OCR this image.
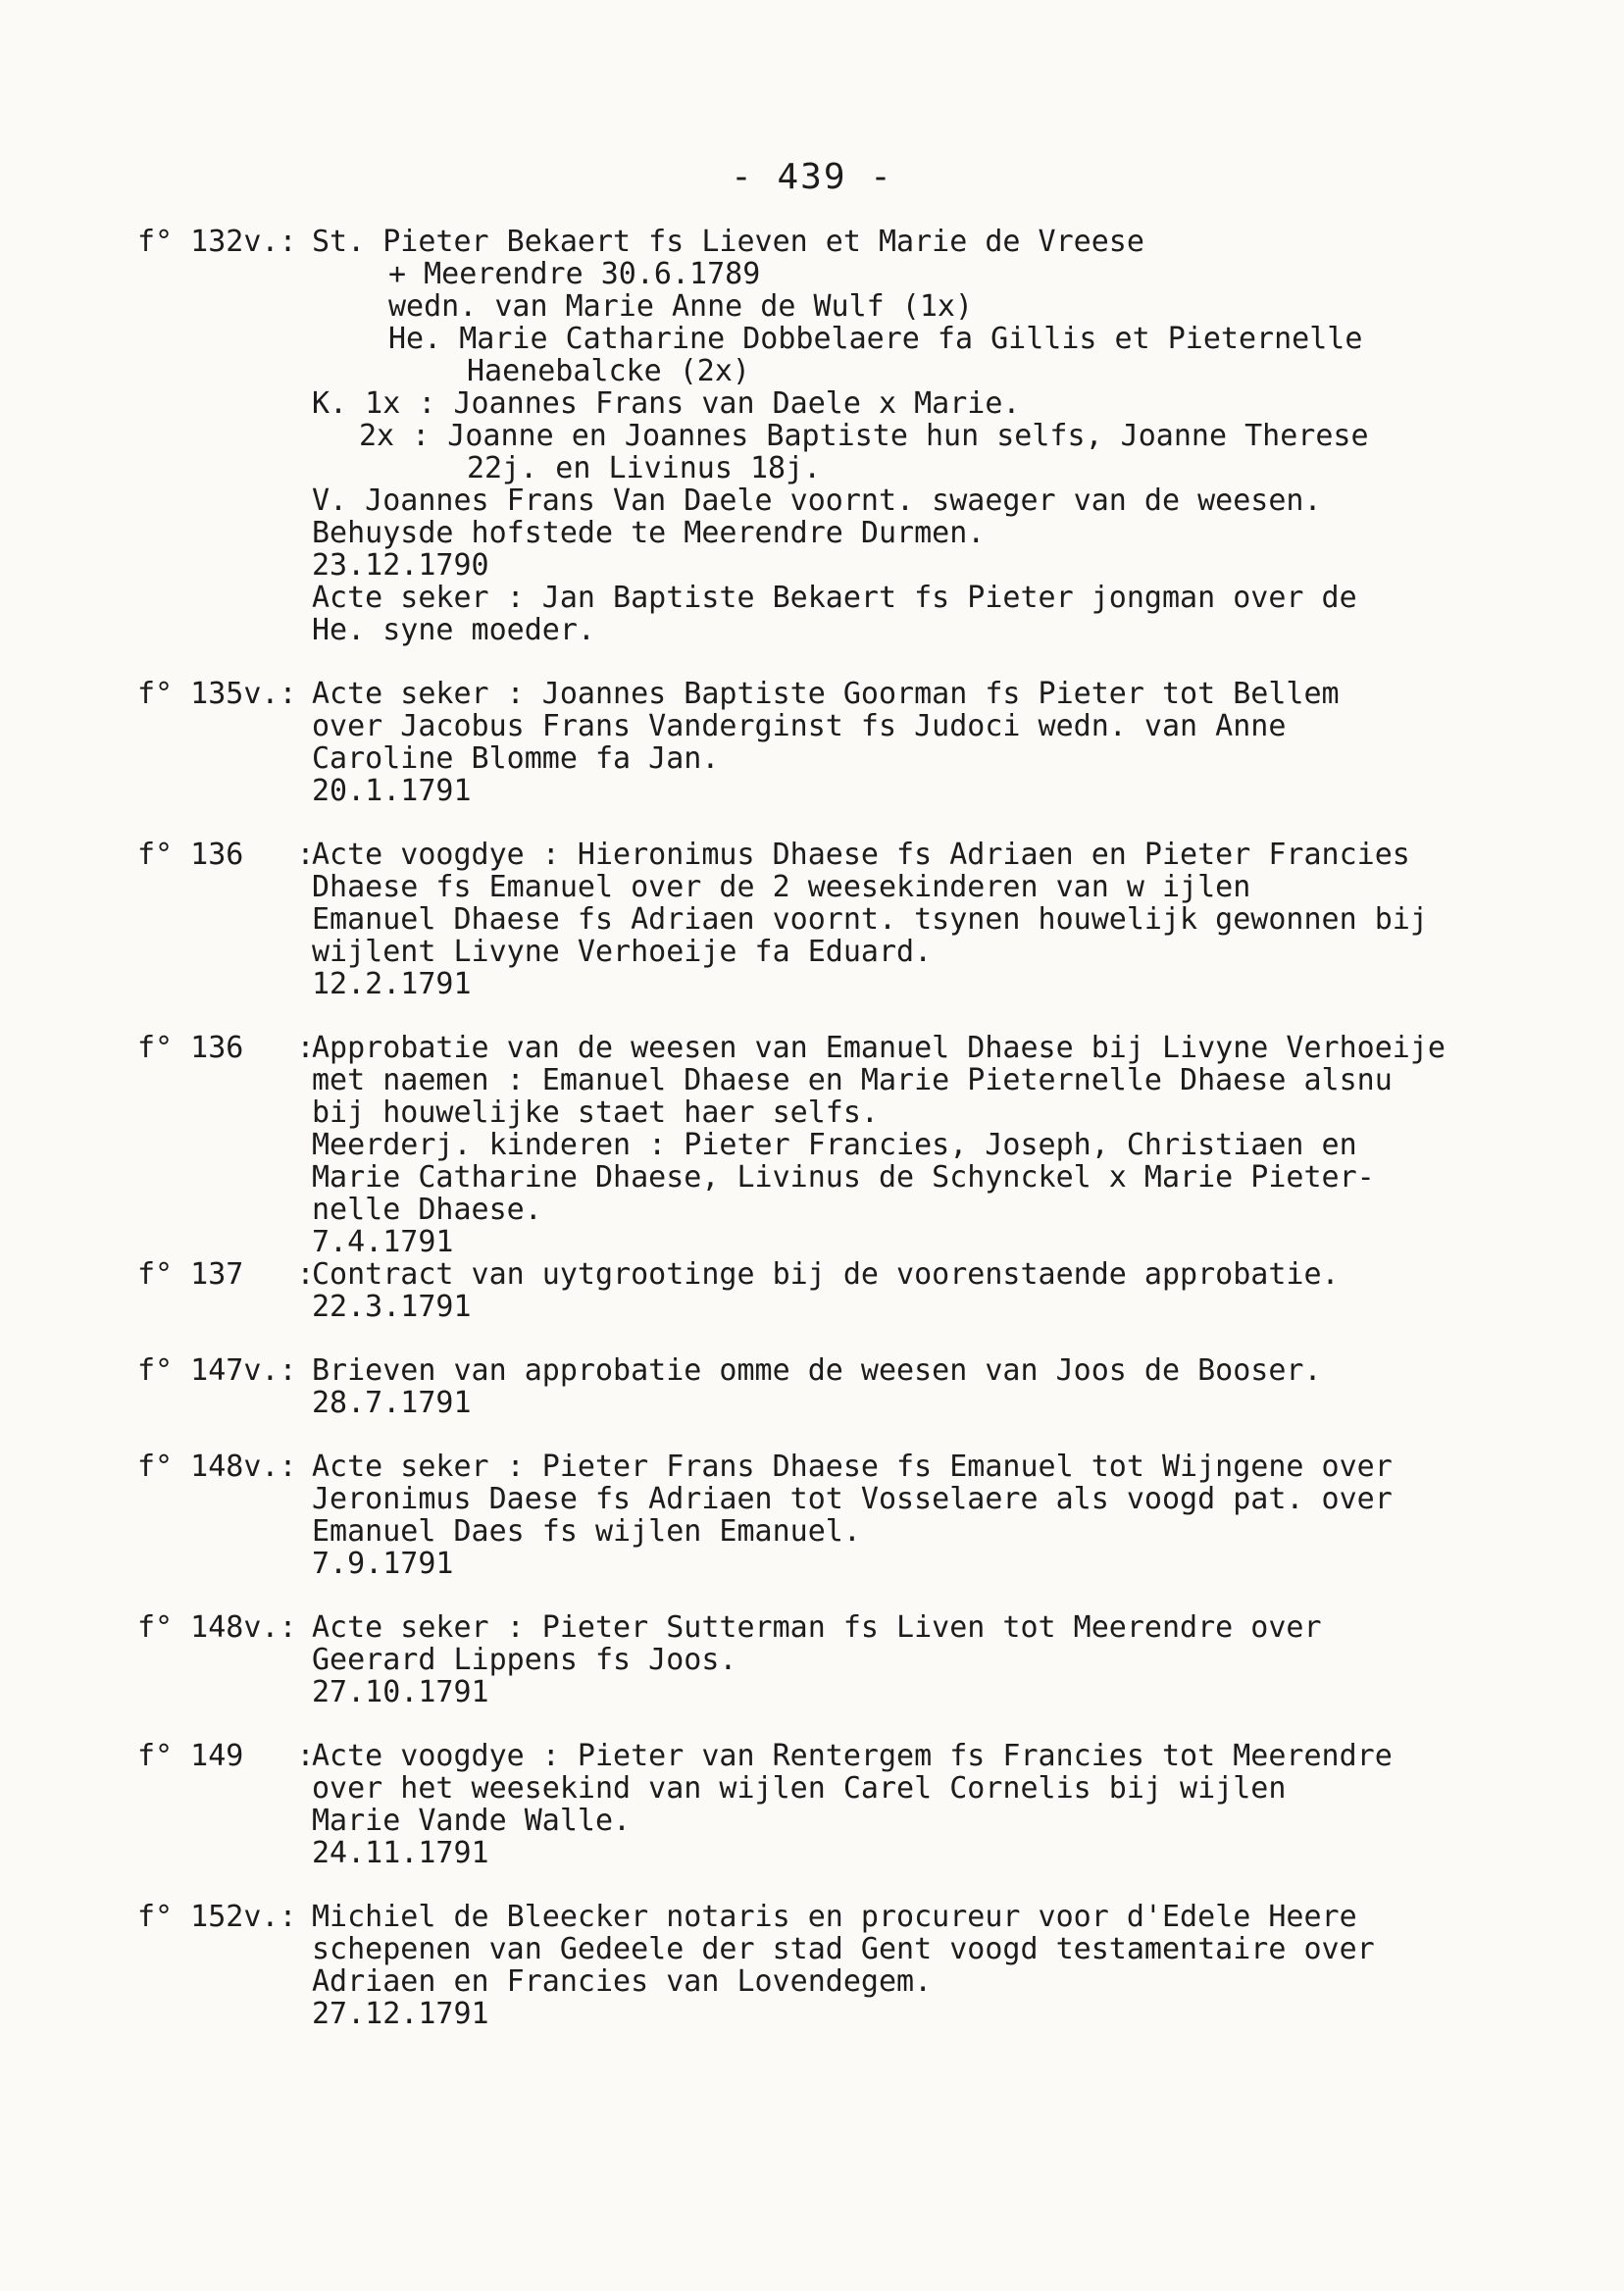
- 439 -
f° 132v.: St. Pieter Bekaert fs Lieven et Marie de Vreese
+ Meerendre 30.6.1789
wedn. van Marie Anne de Wulf (1x)
He. Marie Catharine Dobbelaere fa Gillis et Pieternelle
Haenebalcke (2x)
K. 1x : Joannes Frans van Daele x Marie.
2x : Joanne en Joannes Baptiste hun selfs, Joanne Therese
22j. en Livinus 18j.
V. Joannes Frans Van Daele voornt. swaeger van de weesen.
Behuysde hofstede te Meerendre Durmen.
23.12.1790
Acte seker : Jan Baptiste Bekaert fs Pieter jongman over de
He. syne moeder.
f° 135v.: Acte seker : Joannes Baptiste Goorman fs Pieter tot Bellem
over Jacobus Frans Vanderginst fs Judoci wedn. van Anne
Caroline Blomme fa Jan.
20.1.1791
f° 136   :
Acte voogdye : Hieronimus Dhaese fs Adriaen en Pieter Francies
Dhaese fs Emanuel over de 2 weesekinderen van w ijlen
Emanuel Dhaese fs Adriaen voornt. tsynen houwelijk gewonnen bij
wijlent Livyne Verhoeije fa Eduard.
12.2.1791
f° 136   :
Approbatie van de weesen van Emanuel Dhaese bij Livyne Verhoeije
met naemen : Emanuel Dhaese en Marie Pieternelle Dhaese alsnu
bij houwelijke staet haer selfs.
Meerderj. kinderen : Pieter Francies, Joseph, Christiaen en
Marie Catharine Dhaese, Livinus de Schynckel x Marie Pieter-
nelle Dhaese.
7.4.1791
f° 137   :
Contract van uytgrootinge bij de voorenstaende approbatie.
22.3.1791
f° 147v.: Brieven van approbatie omme de weesen van Joos de Booser.
28.7.1791
f° 148v.: Acte seker : Pieter Frans Dhaese fs Emanuel tot Wijngene over
Jeronimus Daese fs Adriaen tot Vosselaere als voogd pat. over
Emanuel Daes fs wijlen Emanuel.
7.9.1791
f° 148v.: Acte seker : Pieter Sutterman fs Liven tot Meerendre over
Geerard Lippens fs Joos.
27.10.1791
f° 149   :
Acte voogdye : Pieter van Rentergem fs Francies tot Meerendre
over het weesekind van wijlen Carel Cornelis bij wijlen
Marie Vande Walle.
24.11.1791
f° 152v.: Michiel de Bleecker notaris en procureur voor d'Edele Heere
schepenen van Gedeele der stad Gent voogd testamentaire over
Adriaen en Francies van Lovendegem.
27.12.1791
